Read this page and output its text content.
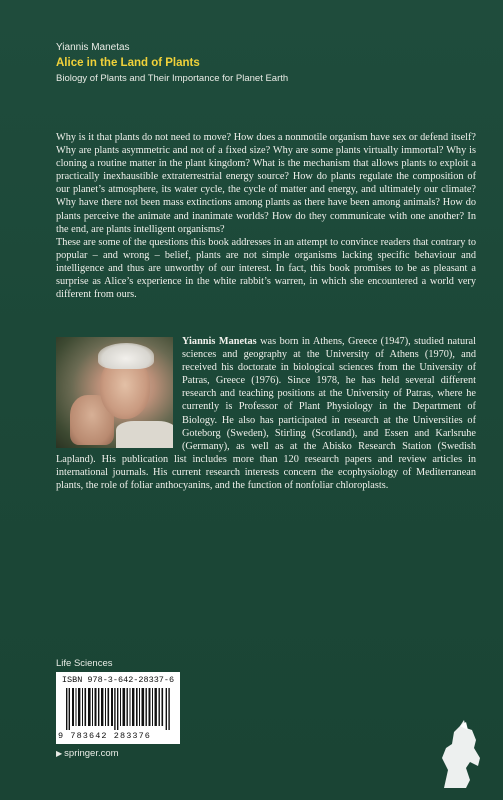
Yiannis Manetas

Alice in the Land of Plants

Biology of Plants and Their Importance for Planet Earth

Why is it that plants do not need to move? How does a nonmotile organism have sex or defend itself? Why are plants asymmetric and not of a fixed size? Why are some plants virtually immortal? Why is cloning a routine matter in the plant kingdom? What is the mechanism that allows plants to exploit a practically inexhaustible extraterrestrial energy source? How do plants regulate the composition of our planet’s atmosphere, its water cycle, the cycle of matter and energy, and ultimately our climate? Why have there not been mass extinctions among plants as there have been among animals? How do plants perceive the animate and inanimate worlds? How do they communicate with one another? In the end, are plants intelligent organisms?

These are some of the questions this book addresses in an attempt to convince readers that contrary to popular – and wrong – belief, plants are not simple organisms lacking specific behaviour and intelligence and thus are unworthy of our interest. In fact, this book promises to be as pleasant a surprise as Alice’s experience in the white rabbit’s warren, in which she encountered a world very different from ours.

Yiannis Manetas was born in Athens, Greece (1947), studied natural sciences and geography at the University of Athens (1970), and received his doctorate in biological sciences from the University of Patras, Greece (1976). Since 1978, he has held several different research and teaching positions at the University of Patras, where he currently is Professor of Plant Physiology in the Department of Biology. He also has participated in research at the Universities of Goteborg (Sweden), Stirling (Scotland), and Essen and Karlsruhe (Germany), as well as at the Abisko Research Station (Swedish Lapland). His publication list includes more than 120 research papers and review articles in international journals. His current research interests concern the ecophysiology of Mediterranean plants, the role of foliar anthocyanins, and the function of nonfoliar chloroplasts.
Life Sciences
ISBN 978-3-642-28337-6
9 783642 283376
▶ springer.com
